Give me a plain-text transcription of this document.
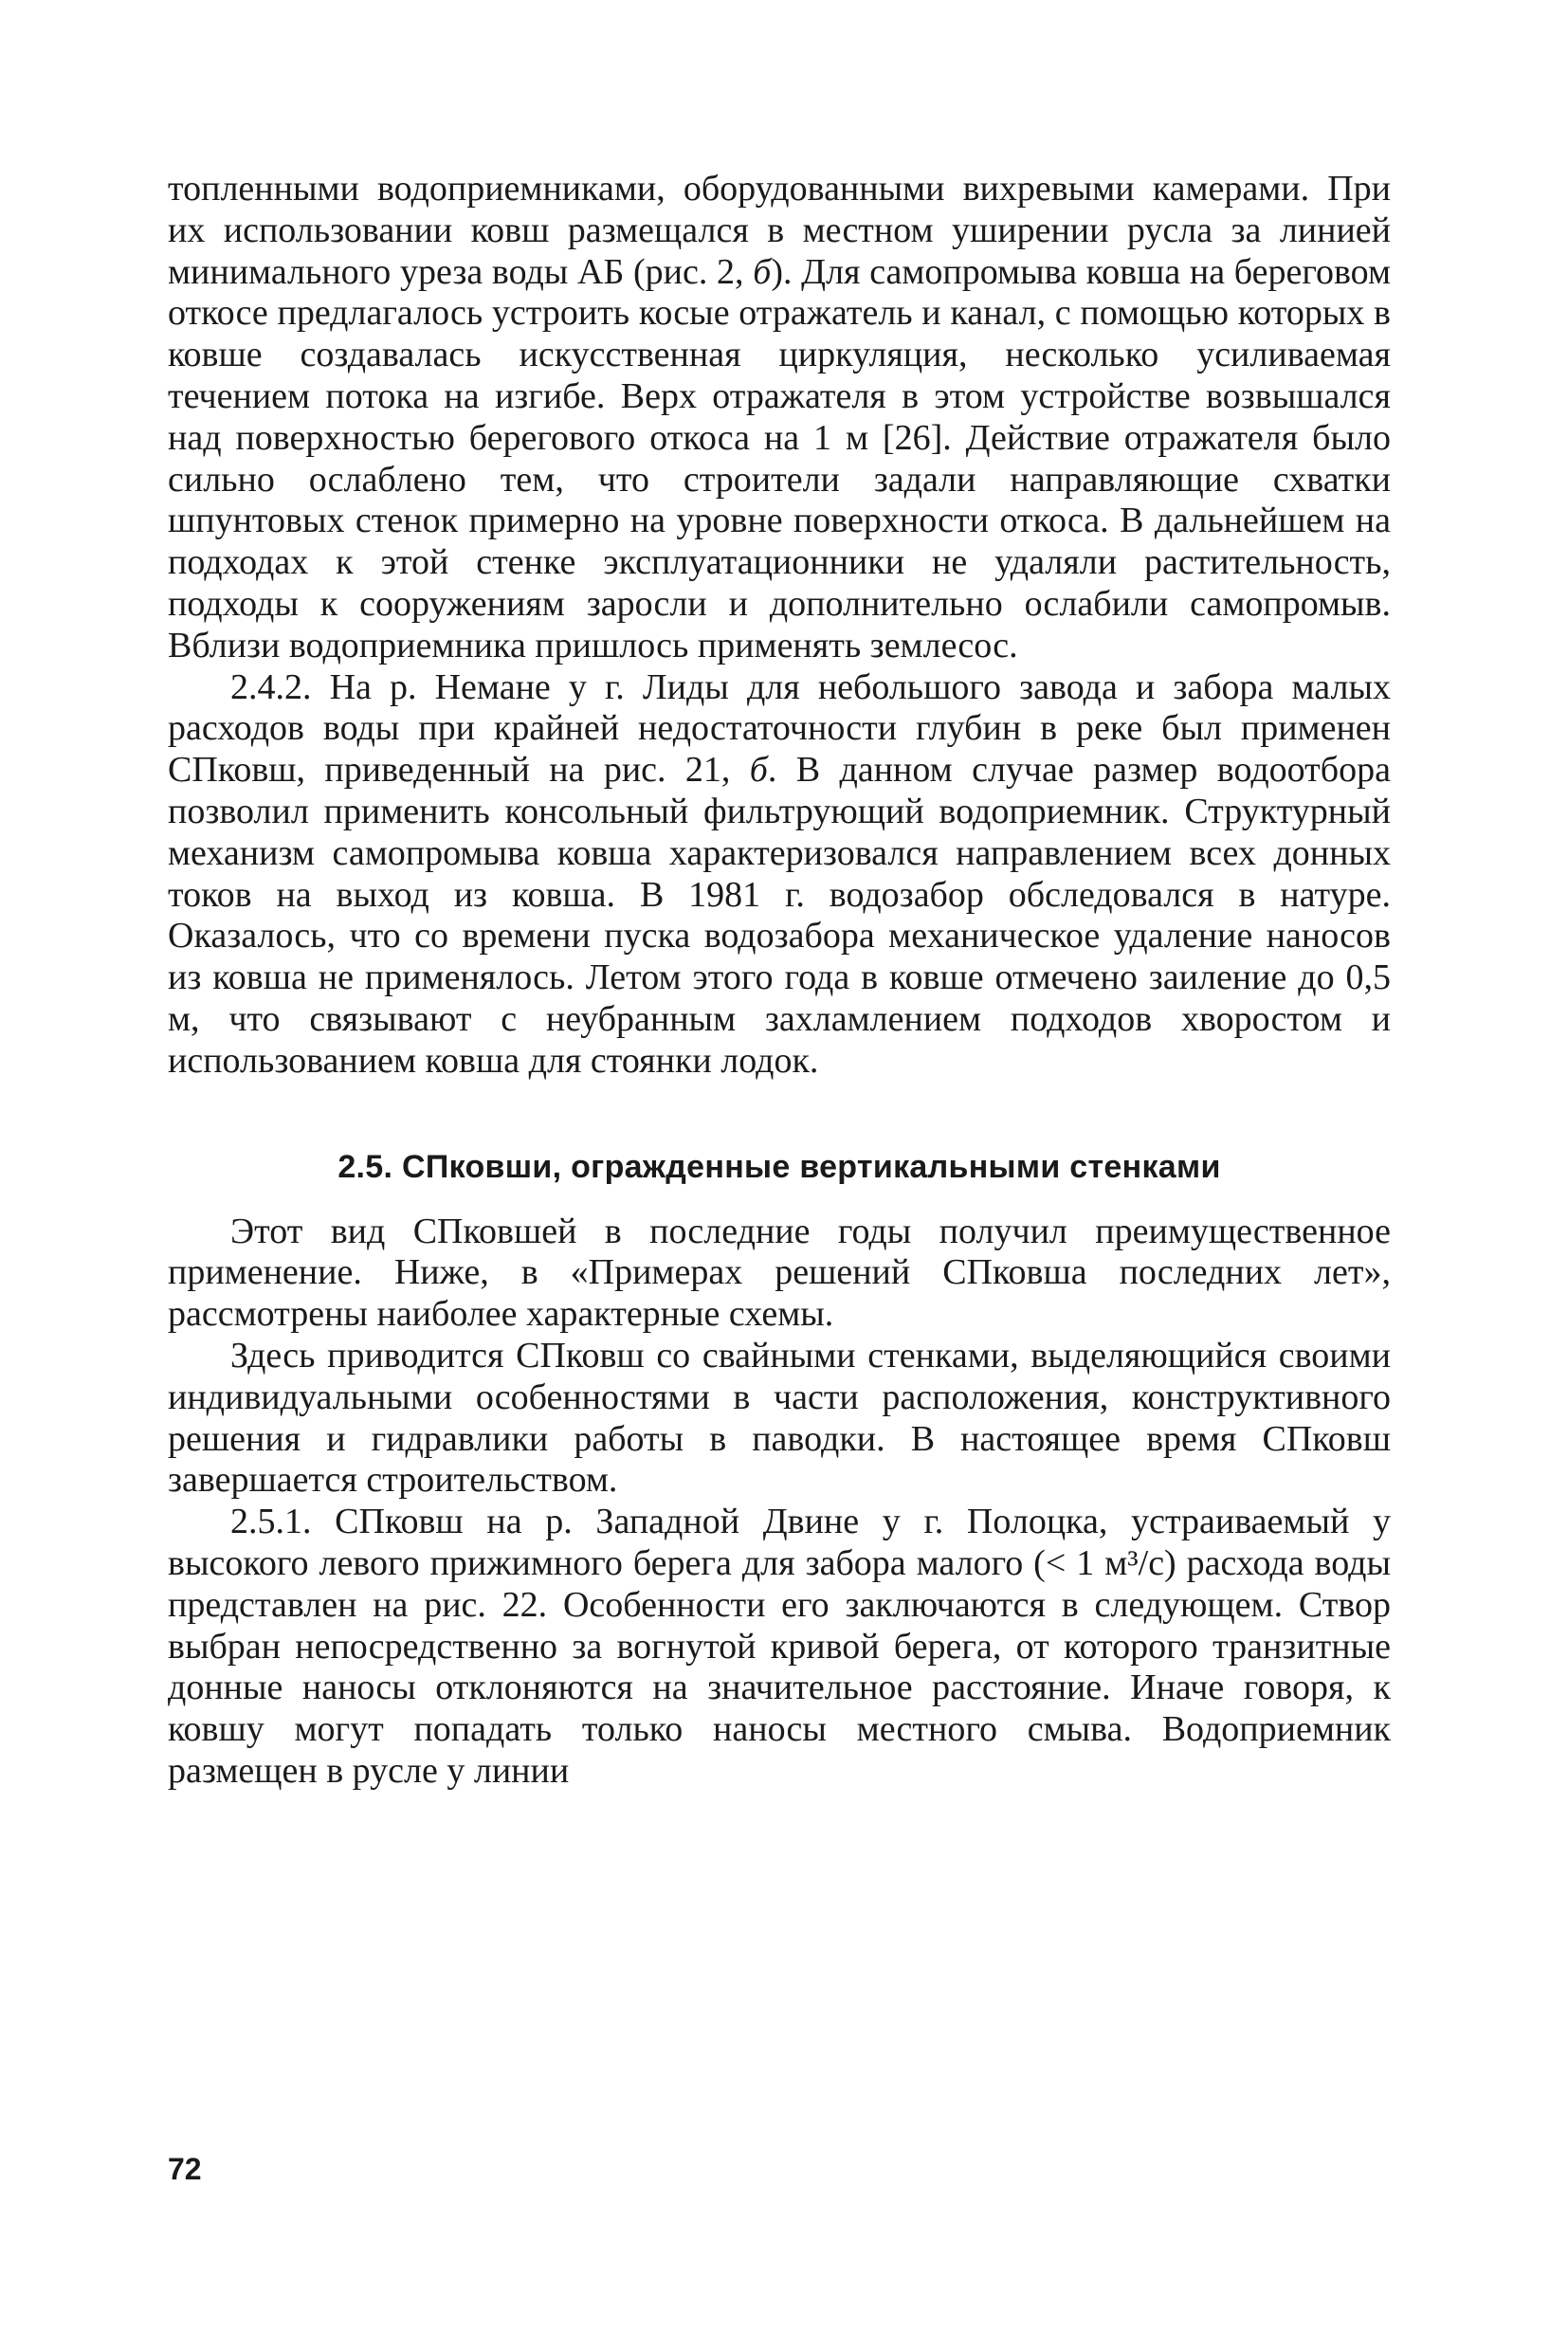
топленными водоприемниками, оборудованными вихревыми камерами. При их использовании ковш размещался в местном уширении русла за линией минимального уреза воды АБ (рис. 2, б). Для самопромыва ковша на береговом откосе предлагалось устроить косые отражатель и канал, с помощью которых в ковше создавалась искусственная циркуляция, несколько усиливаемая течением потока на изгибе. Верх отражателя в этом устройстве возвышался над поверхностью берегового откоса на 1 м [26]. Действие отражателя было сильно ослаблено тем, что строители задали направляющие схватки шпунтовых стенок примерно на уровне поверхности откоса. В дальнейшем на подходах к этой стенке эксплуатационники не удаляли растительность, подходы к сооружениям заросли и дополнительно ослабили самопромыв. Вблизи водоприемника пришлось применять землесос.

2.4.2. На р. Немане у г. Лиды для небольшого завода и забора малых расходов воды при крайней недостаточности глубин в реке был применен СПковш, приведенный на рис. 21, б. В данном случае размер водоотбора позволил применить консольный фильтрующий водоприемник. Структурный механизм самопромыва ковша характеризовался направлением всех донных токов на выход из ковша. В 1981 г. водозабор обследовался в натуре. Оказалось, что со времени пуска водозабора механическое удаление наносов из ковша не применялось. Летом этого года в ковше отмечено заиление до 0,5 м, что связывают с неубранным захламлением подходов хворостом и использованием ковша для стоянки лодок.

2.5. СПковши, огражденные вертикальными стенками

Этот вид СПковшей в последние годы получил преимущественное применение. Ниже, в «Примерах решений СПковша последних лет», рассмотрены наиболее характерные схемы.

Здесь приводится СПковш со свайными стенками, выделяющийся своими индивидуальными особенностями в части расположения, конструктивного решения и гидравлики работы в паводки. В настоящее время СПковш завершается строительством.

2.5.1. СПковш на р. Западной Двине у г. Полоцка, устраиваемый у высокого левого прижимного берега для забора малого (< 1 м³/с) расхода воды представлен на рис. 22. Особенности его заключаются в следующем. Створ выбран непосредственно за вогнутой кривой берега, от которого транзитные донные наносы отклоняются на значительное расстояние. Иначе говоря, к ковшу могут попадать только наносы местного смыва. Водоприемник размещен в русле у линии

72
